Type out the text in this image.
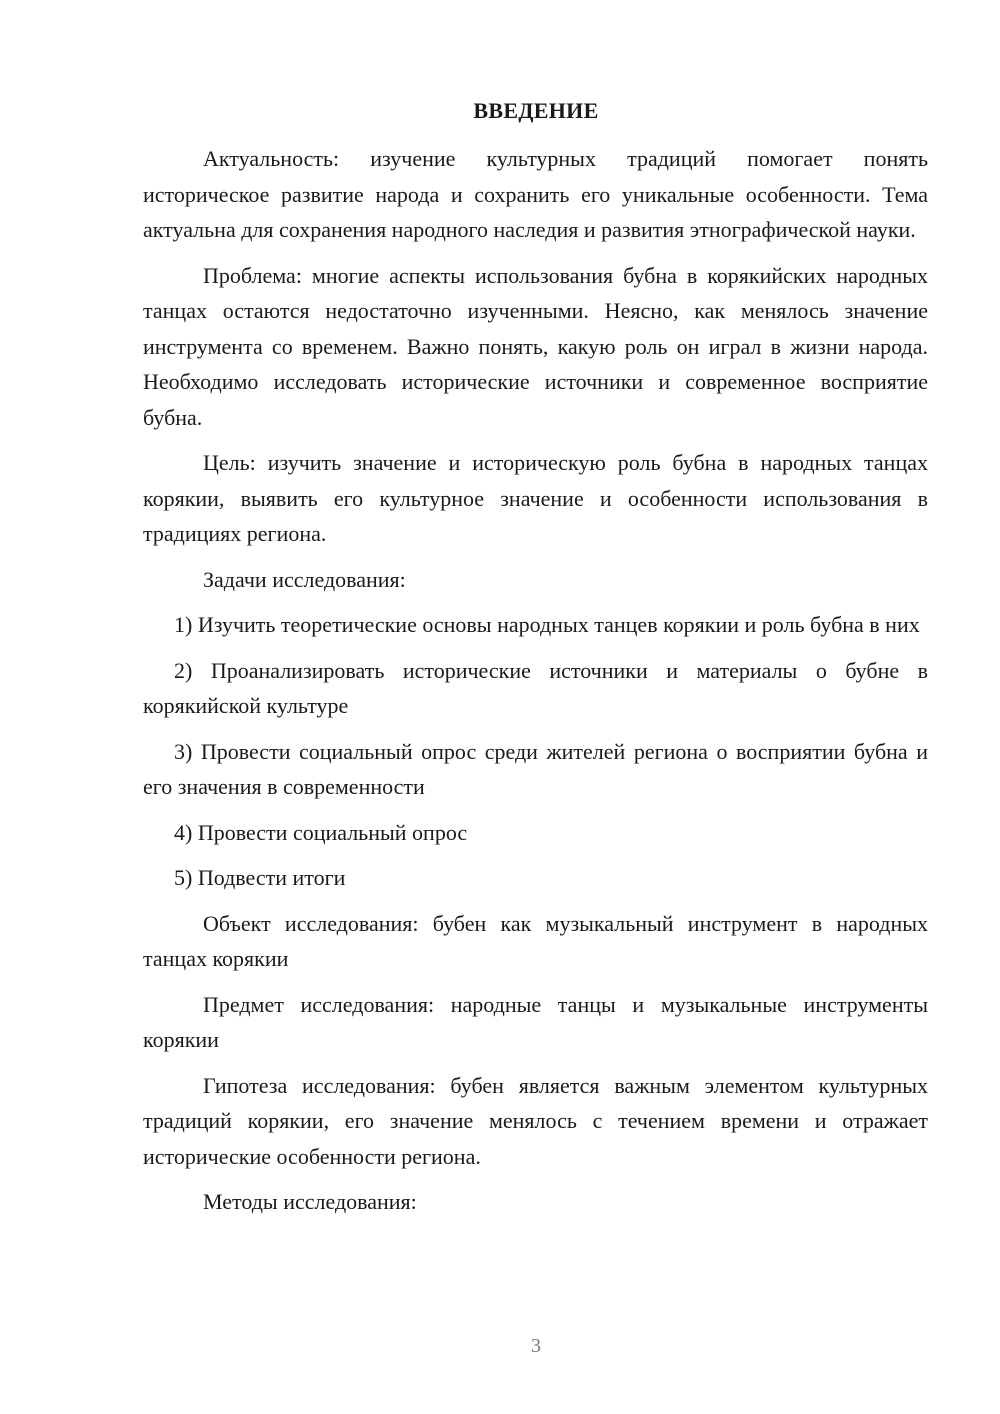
ВВЕДЕНИЕ

Актуальность: изучение культурных традиций помогает понять историческое развитие народа и сохранить его уникальные особенности. Тема актуальна для сохранения народного наследия и развития этнографической науки.

Проблема: многие аспекты использования бубна в корякийских народных танцах остаются недостаточно изученными. Неясно, как менялось значение инструмента со временем. Важно понять, какую роль он играл в жизни народа. Необходимо исследовать исторические источники и современное восприятие бубна.

Цель: изучить значение и историческую роль бубна в народных танцах корякии, выявить его культурное значение и особенности использования в традициях региона.

Задачи исследования:

1) Изучить теоретические основы народных танцев корякии и роль бубна в них

2) Проанализировать исторические источники и материалы о бубне в корякийской культуре

3) Провести социальный опрос среди жителей региона о восприятии бубна и его значения в современности

4) Провести социальный опрос

5) Подвести итоги

Объект исследования: бубен как музыкальный инструмент в народных танцах корякии

Предмет исследования: народные танцы и музыкальные инструменты корякии

Гипотеза исследования: бубен является важным элементом культурных традиций корякии, его значение менялось с течением времени и отражает исторические особенности региона.

Методы исследования:

3
